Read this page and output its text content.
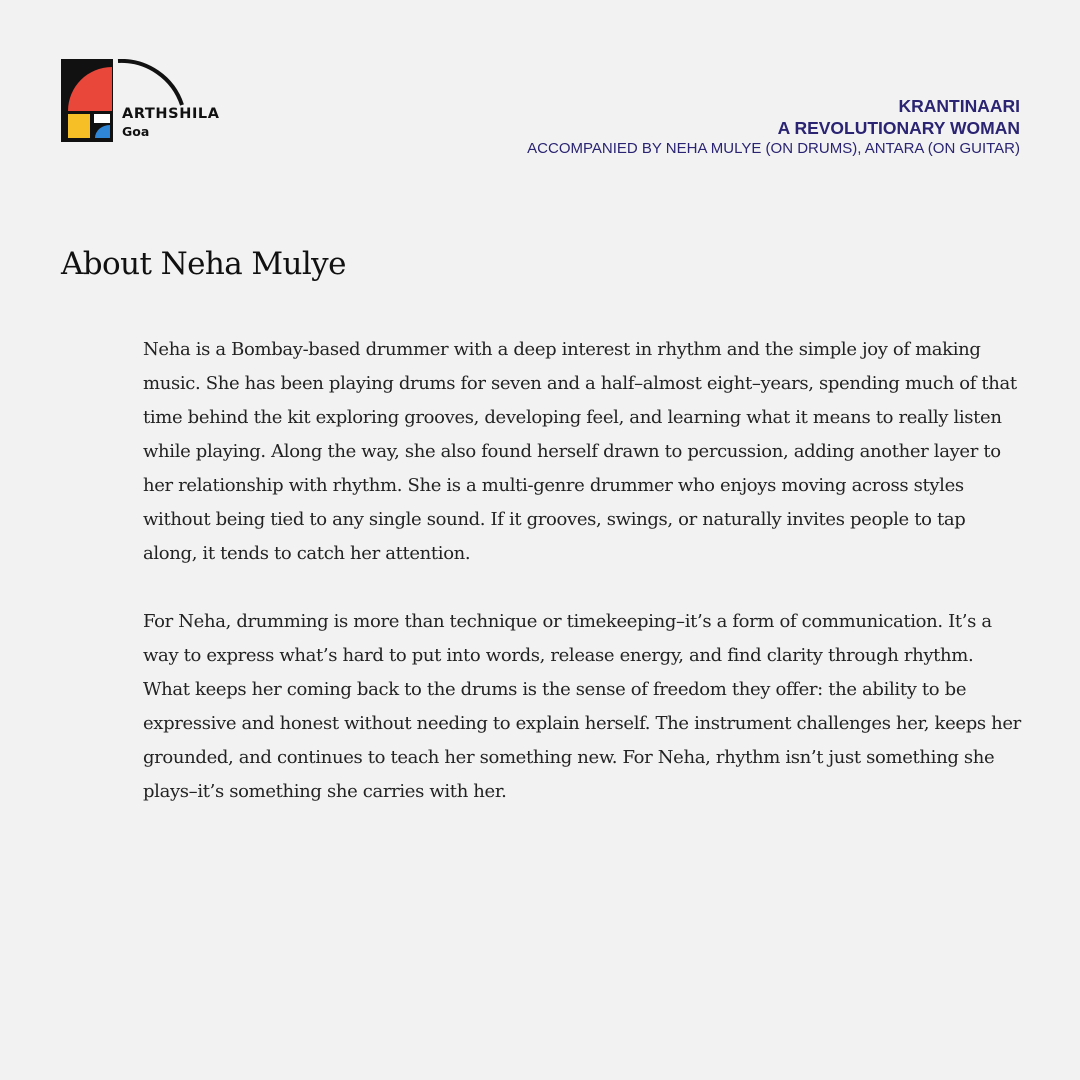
ARTHSHILA
Goa
KRANTINAARI
A REVOLUTIONARY WOMAN
ACCOMPANIED BY NEHA MULYE (ON DRUMS), ANTARA (ON GUITAR)
About Neha Mulye

Neha is a Bombay-based drummer with a deep interest in rhythm and the simple joy of making music. She has been playing drums for seven and a half–almost eight–years, spending much of that time behind the kit exploring grooves, developing feel, and learning what it means to really listen while playing. Along the way, she also found herself drawn to percussion, adding another layer to her relationship with rhythm. She is a multi-genre drummer who enjoys moving across styles without being tied to any single sound. If it grooves, swings, or naturally invites people to tap along, it tends to catch her attention.

For Neha, drumming is more than technique or timekeeping–it’s a form of communication. It’s a way to express what’s hard to put into words, release energy, and find clarity through rhythm. What keeps her coming back to the drums is the sense of freedom they offer: the ability to be expressive and honest without needing to explain herself. The instrument challenges her, keeps her grounded, and continues to teach her something new. For Neha, rhythm isn’t just something she plays–it’s something she carries with her.
